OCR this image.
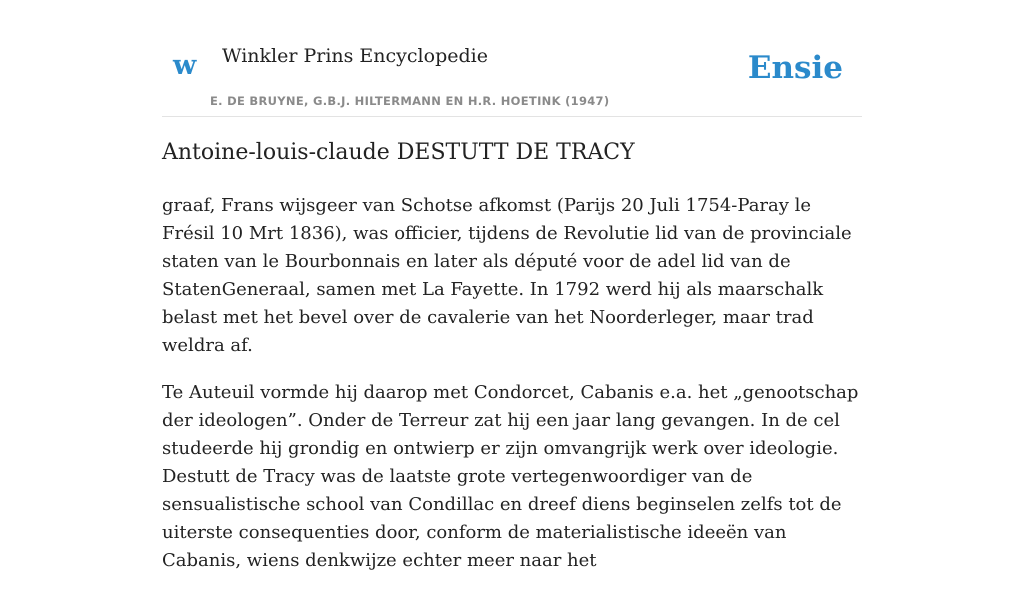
w Winkler Prins Encyclopedie
E. DE BRUYNE, G.B.J. HILTERMANN EN H.R. HOETINK (1947)
Ensie
Antoine-louis-claude DESTUTT DE TRACY

graaf, Frans wijsgeer van Schotse afkomst (Parijs 20 Juli 1754-Paray le Frésil 10 Mrt 1836), was officier, tijdens de Revolutie lid van de provinciale staten van le Bourbonnais en later als député voor de adel lid van de StatenGeneraal, samen met La Fayette. In 1792 werd hij als maarschalk belast met het bevel over de cavalerie van het Noorderleger, maar trad weldra af.

Te Auteuil vormde hij daarop met Condorcet, Cabanis e.a. het „genootschap der ideologen”. Onder de Terreur zat hij een jaar lang gevangen. In de cel studeerde hij grondig en ontwierp er zijn omvangrijk werk over ideologie. Destutt de Tracy was de laatste grote vertegenwoordiger van de sensualistische school van Condillac en dreef diens beginselen zelfs tot de uiterste consequenties door, conform de materialistische ideeën van Cabanis, wiens denkwijze echter meer naar het
